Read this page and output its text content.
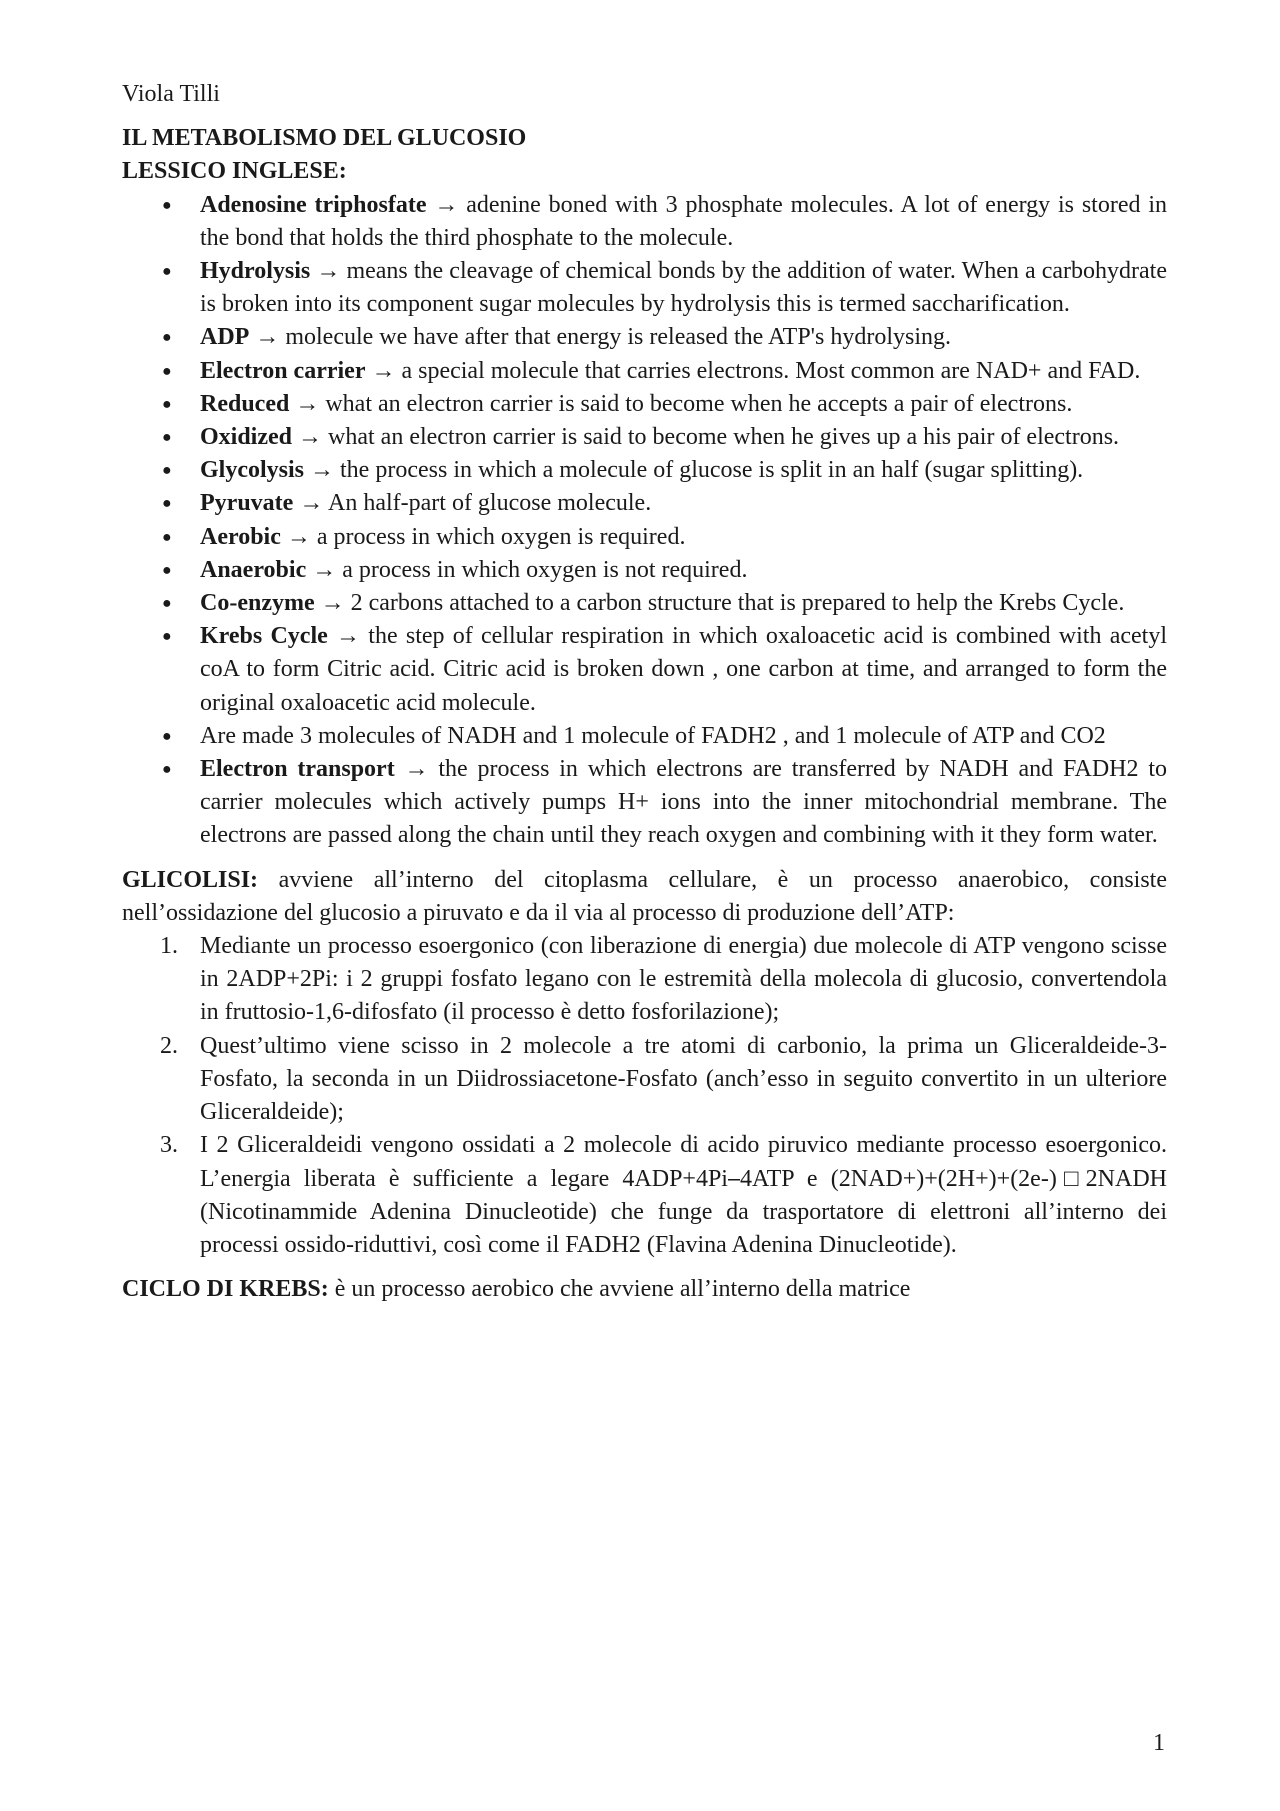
Viola Tilli

IL METABOLISMO DEL GLUCOSIO

LESSICO INGLESE:

● Adenosine triphosfate → adenine boned with 3 phosphate molecules. A lot of energy is stored in the bond that holds the third phosphate to the molecule.
● Hydrolysis → means the cleavage of chemical bonds by the addition of water. When a carbohydrate is broken into its component sugar molecules by hydrolysis this is termed saccharification.
● ADP → molecule we have after that energy is released the ATP's hydrolysing.
● Electron carrier → a special molecule that carries electrons. Most common are NAD+ and FAD.
● Reduced → what an electron carrier is said to become when he accepts a pair of electrons.
● Oxidized → what an electron carrier is said to become when he gives up a his pair of electrons.
● Glycolysis → the process in which a molecule of glucose is split in an half (sugar splitting).
● Pyruvate → An half-part of glucose molecule.
● Aerobic → a process in which oxygen is required.
● Anaerobic → a process in which oxygen is not required.
● Co-enzyme → 2 carbons attached to a carbon structure that is prepared to help the Krebs Cycle.
● Krebs Cycle → the step of cellular respiration in which oxaloacetic acid is combined with acetyl coA to form Citric acid. Citric acid is broken down , one carbon at time, and arranged to form the original oxaloacetic acid molecule.
● Are made 3 molecules of NADH and 1 molecule of FADH2 , and 1 molecule of ATP and CO2
● Electron transport → the process in which electrons are transferred by NADH and FADH2 to carrier molecules which actively pumps H+ ions into the inner mitochondrial membrane. The electrons are passed along the chain until they reach oxygen and combining with it they form water.

GLICOLISI: avviene all’interno del citoplasma cellulare, è un processo anaerobico, consiste nell’ossidazione del glucosio a piruvato e da il via al processo di produzione dell’ATP:

1. Mediante un processo esoergonico (con liberazione di energia) due molecole di ATP vengono scisse in 2ADP+2Pi: i 2 gruppi fosfato legano con le estremità della molecola di glucosio, convertendola in fruttosio-1,6-difosfato (il processo è detto fosforilazione);
2. Quest’ultimo viene scisso in 2 molecole a tre atomi di carbonio, la prima un Gliceraldeide-3-Fosfato, la seconda in un Diidrossiacetone-Fosfato (anch’esso in seguito convertito in un ulteriore Gliceraldeide);
3. I 2 Gliceraldeidi vengono ossidati a 2 molecole di acido piruvico mediante processo esoergonico. L’energia liberata è sufficiente a legare 4ADP+4Pi⎯4ATP e (2NAD+)+(2H+)+(2e-)□2NADH (Nicotinammide Adenina Dinucleotide) che funge da trasportatore di elettroni all’interno dei processi ossido-riduttivi, così come il FADH2 (Flavina Adenina Dinucleotide).

CICLO DI KREBS: è un processo aerobico che avviene all’interno della matrice

1
